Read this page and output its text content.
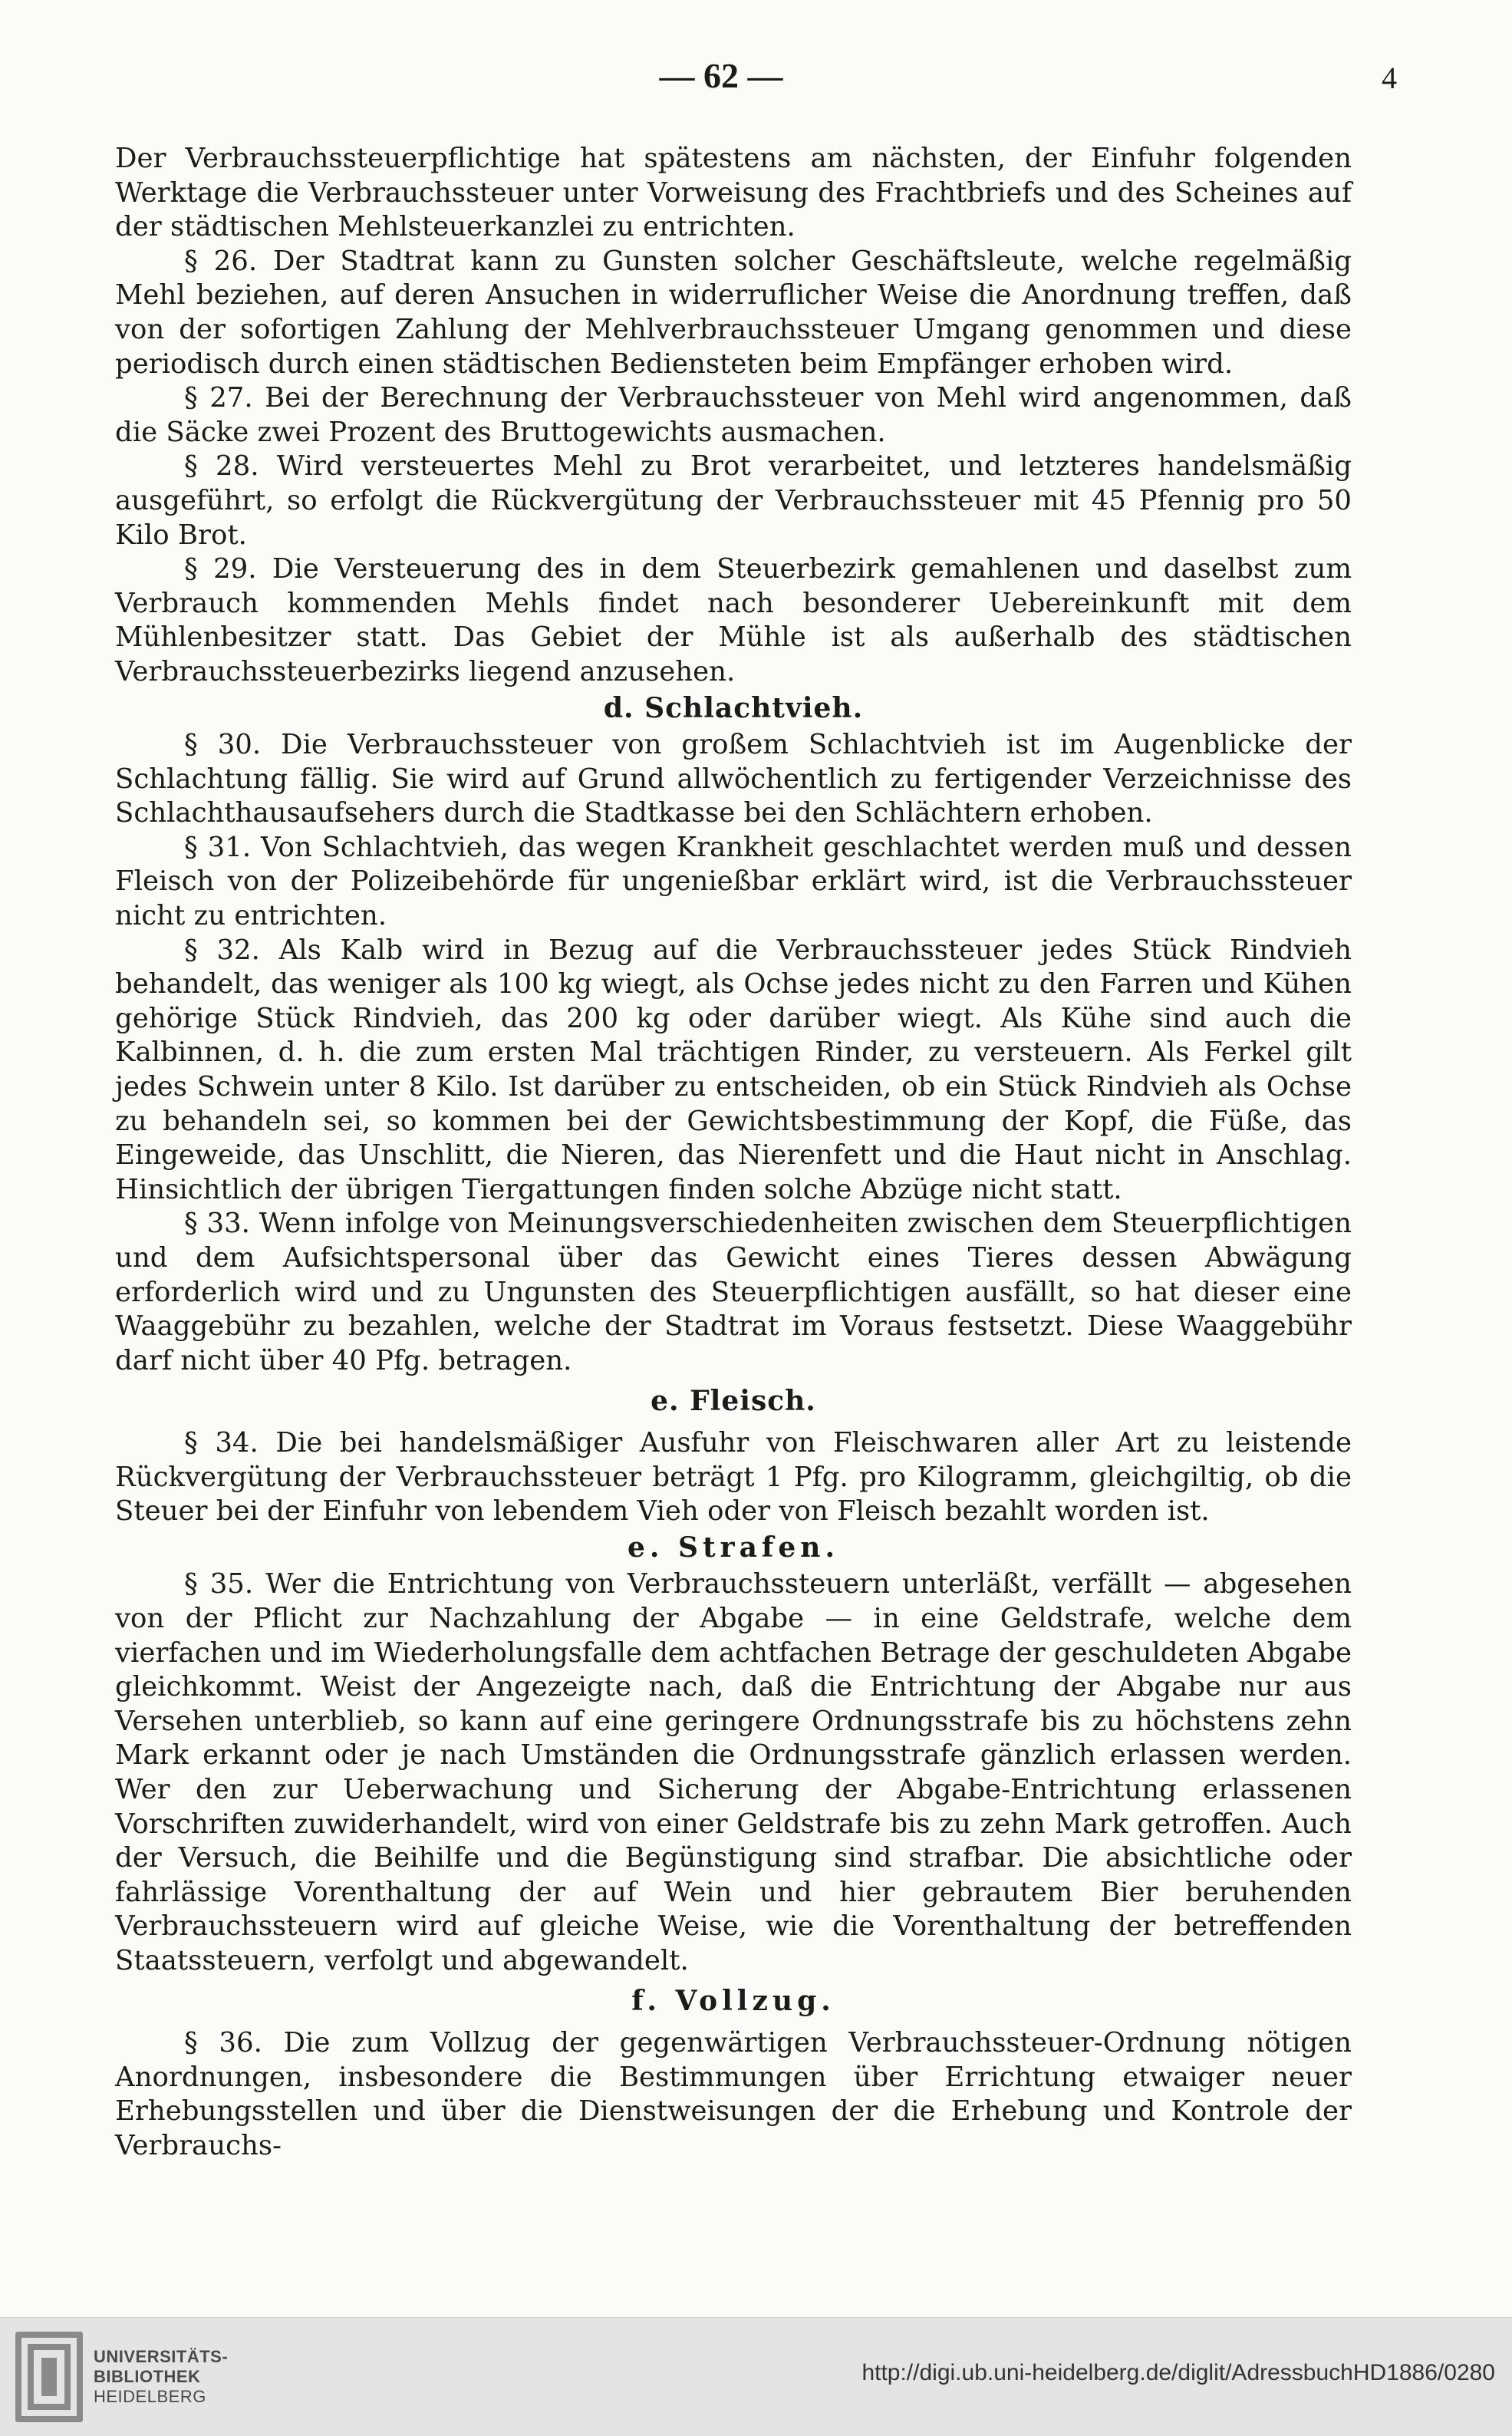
— 62 —	4

Der Verbrauchssteuerpflichtige hat spätestens am nächsten, der Einfuhr folgenden Werktage die Verbrauchssteuer unter Vorweisung des Frachtbriefs und des Scheines auf der städtischen Mehlsteuerkanzlei zu entrichten.

§ 26. Der Stadtrat kann zu Gunsten solcher Geschäftsleute, welche regelmäßig Mehl beziehen, auf deren Ansuchen in widerruflicher Weise die Anordnung treffen, daß von der sofortigen Zahlung der Mehlverbrauchssteuer Umgang genommen und diese periodisch durch einen städtischen Bediensteten beim Empfänger erhoben wird.

§ 27. Bei der Berechnung der Verbrauchssteuer von Mehl wird angenommen, daß die Säcke zwei Prozent des Bruttogewichts ausmachen.

§ 28. Wird versteuertes Mehl zu Brot verarbeitet, und letzteres handelsmäßig ausgeführt, so erfolgt die Rückvergütung der Verbrauchssteuer mit 45 Pfennig pro 50 Kilo Brot.

§ 29. Die Versteuerung des in dem Steuerbezirk gemahlenen und daselbst zum Verbrauch kommenden Mehls findet nach besonderer Uebereinkunft mit dem Mühlenbesitzer statt. Das Gebiet der Mühle ist als außerhalb des städtischen Verbrauchssteuerbezirks liegend anzusehen.

d. Schlachtvieh.

§ 30. Die Verbrauchssteuer von großem Schlachtvieh ist im Augenblicke der Schlachtung fällig. Sie wird auf Grund allwöchentlich zu fertigender Verzeichnisse des Schlachthausaufsehers durch die Stadtkasse bei den Schlächtern erhoben.

§ 31. Von Schlachtvieh, das wegen Krankheit geschlachtet werden muß und dessen Fleisch von der Polizeibehörde für ungenießbar erklärt wird, ist die Verbrauchssteuer nicht zu entrichten.

§ 32. Als Kalb wird in Bezug auf die Verbrauchssteuer jedes Stück Rindvieh behandelt, das weniger als 100 kg wiegt, als Ochse jedes nicht zu den Farren und Kühen gehörige Stück Rindvieh, das 200 kg oder darüber wiegt. Als Kühe sind auch die Kalbinnen, d. h. die zum ersten Mal trächtigen Rinder, zu versteuern. Als Ferkel gilt jedes Schwein unter 8 Kilo. Ist darüber zu entscheiden, ob ein Stück Rindvieh als Ochse zu behandeln sei, so kommen bei der Gewichtsbestimmung der Kopf, die Füße, das Eingeweide, das Unschlitt, die Nieren, das Nierenfett und die Haut nicht in Anschlag. Hinsichtlich der übrigen Tiergattungen finden solche Abzüge nicht statt.

§ 33. Wenn infolge von Meinungsverschiedenheiten zwischen dem Steuerpflichtigen und dem Aufsichtspersonal über das Gewicht eines Tieres dessen Abwägung erforderlich wird und zu Ungunsten des Steuerpflichtigen ausfällt, so hat dieser eine Waaggebühr zu bezahlen, welche der Stadtrat im Voraus festsetzt. Diese Waaggebühr darf nicht über 40 Pfg. betragen.

e. Fleisch.

§ 34. Die bei handelsmäßiger Ausfuhr von Fleischwaren aller Art zu leistende Rückvergütung der Verbrauchssteuer beträgt 1 Pfg. pro Kilogramm, gleichgiltig, ob die Steuer bei der Einfuhr von lebendem Vieh oder von Fleisch bezahlt worden ist.

e. Strafen.

§ 35. Wer die Entrichtung von Verbrauchssteuern unterläßt, verfällt — abgesehen von der Pflicht zur Nachzahlung der Abgabe — in eine Geldstrafe, welche dem vierfachen und im Wiederholungsfalle dem achtfachen Betrage der geschuldeten Abgabe gleichkommt. Weist der Angezeigte nach, daß die Entrichtung der Abgabe nur aus Versehen unterblieb, so kann auf eine geringere Ordnungsstrafe bis zu höchstens zehn Mark erkannt oder je nach Umständen die Ordnungsstrafe gänzlich erlassen werden. Wer den zur Ueberwachung und Sicherung der Abgabe-Entrichtung erlassenen Vorschriften zuwiderhandelt, wird von einer Geldstrafe bis zu zehn Mark getroffen. Auch der Versuch, die Beihilfe und die Begünstigung sind strafbar. Die absichtliche oder fahrlässige Vorenthaltung der auf Wein und hier gebrautem Bier beruhenden Verbrauchssteuern wird auf gleiche Weise, wie die Vorenthaltung der betreffenden Staatssteuern, verfolgt und abgewandelt.

f. Vollzug.

§ 36. Die zum Vollzug der gegenwärtigen Verbrauchssteuer-Ordnung nötigen Anordnungen, insbesondere die Bestimmungen über Errichtung etwaiger neuer Erhebungsstellen und über die Dienstweisungen der die Erhebung und Kontrole der Verbrauchs-

UNIVERSITÄTS-
BIBLIOTHEK
HEIDELBERG
http://digi.ub.uni-heidelberg.de/diglit/AdressbuchHD1886/0280
